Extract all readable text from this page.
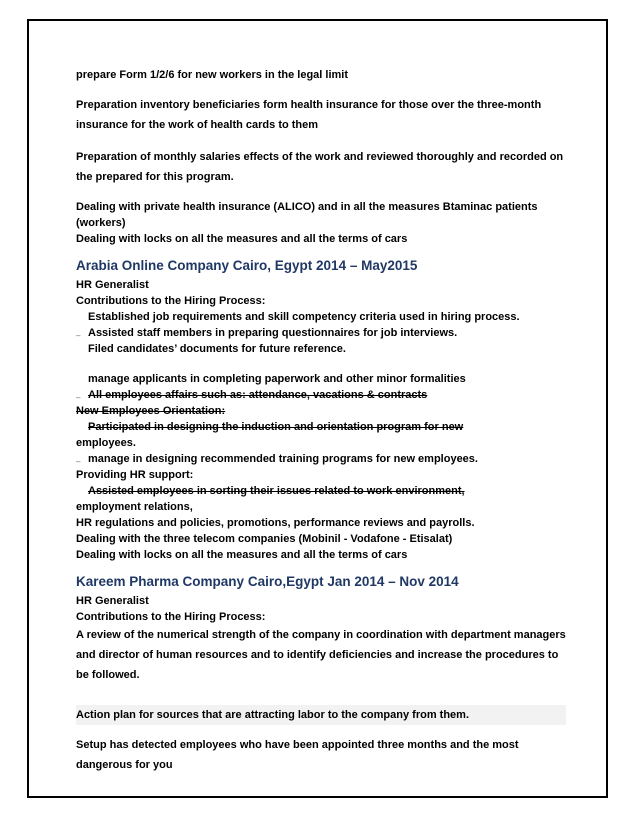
prepare Form 1/2/6 for new workers in the legal limit

Preparation inventory beneficiaries form health insurance for those over the three-month insurance for the work of health cards to them

Preparation of monthly salaries effects of the work and reviewed thoroughly and recorded on the prepared for this program.

Dealing with private health insurance (ALICO) and in all the measures Btaminac patients (workers)

Dealing with locks on all the measures and all the terms of cars

Arabia Online Company Cairo, Egypt 2014 – May2015

HR Generalist

Contributions to the Hiring Process:

Established job requirements and skill competency criteria used in hiring process.

– Assisted staff members in preparing questionnaires for job interviews.

Filed candidates’ documents for future reference.

manage applicants in completing paperwork and other minor formalities

– All employees affairs such as: attendance, vacations & contracts

New Employees Orientation:

Participated in designing the induction and orientation program for new

employees.

– manage in designing recommended training programs for new employees.

Providing HR support:

Assisted employees in sorting their issues related to work environment,

employment relations,

HR regulations and policies, promotions, performance reviews and payrolls.

Dealing with the three telecom companies (Mobinil - Vodafone - Etisalat)

Dealing with locks on all the measures and all the terms of cars

Kareem Pharma Company Cairo,Egypt Jan 2014 – Nov 2014

HR Generalist

Contributions to the Hiring Process:

A review of the numerical strength of the company in coordination with department managers and director of human resources and to identify deficiencies and increase the procedures to be followed.

Action plan for sources that are attracting labor to the company from them.

Setup has detected employees who have been appointed three months and the most dangerous for you
